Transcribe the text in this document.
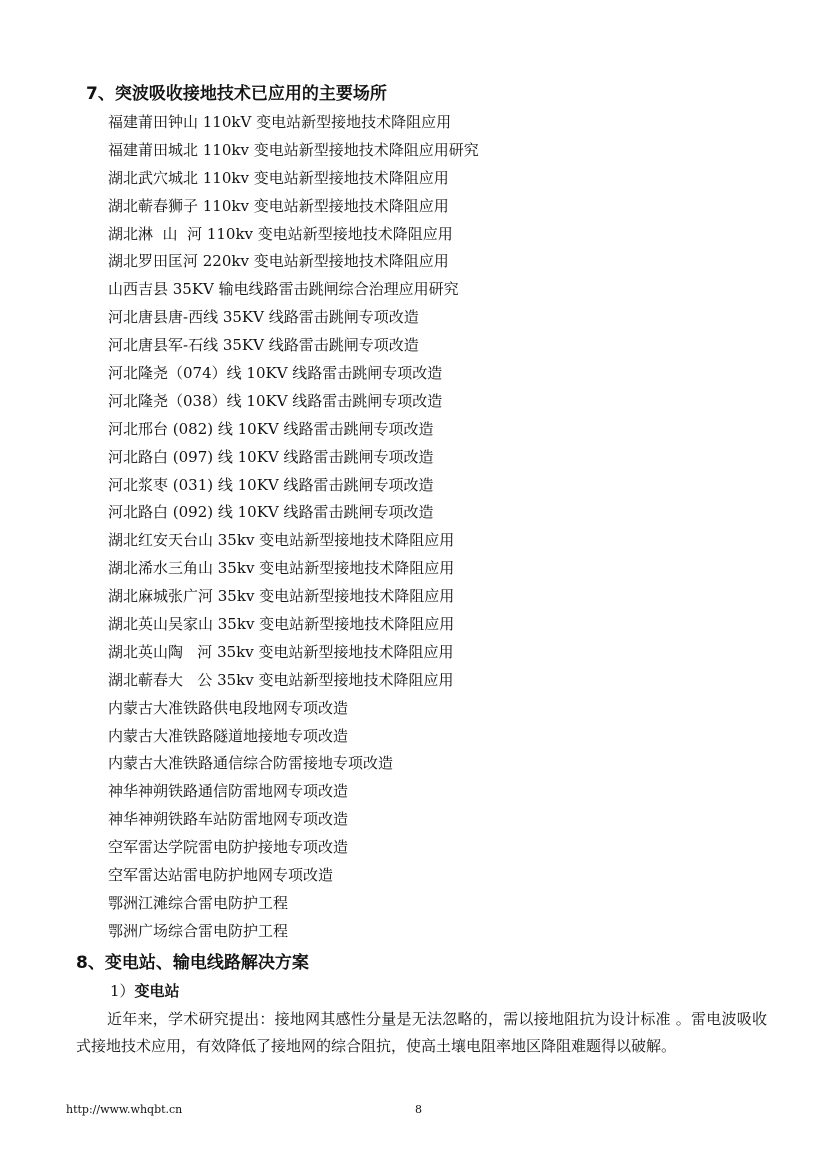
7、突波吸收接地技术已应用的主要场所
福建莆田钟山 110kV 变电站新型接地技术降阻应用
福建莆田城北 110kv 变电站新型接地技术降阻应用研究
湖北武穴城北 110kv 变电站新型接地技术降阻应用
湖北蕲春狮子 110kv 变电站新型接地技术降阻应用
湖北淋  山  河 110kv 变电站新型接地技术降阻应用
湖北罗田匡河 220kv 变电站新型接地技术降阻应用
山西吉县 35KV 输电线路雷击跳闸综合治理应用研究
河北唐县唐-西线 35KV 线路雷击跳闸专项改造
河北唐县军-石线 35KV 线路雷击跳闸专项改造
河北隆尧（074）线 10KV 线路雷击跳闸专项改造
河北隆尧（038）线 10KV 线路雷击跳闸专项改造
河北邢台 (082) 线 10KV 线路雷击跳闸专项改造
河北路白 (097) 线 10KV 线路雷击跳闸专项改造
河北浆枣 (031) 线 10KV 线路雷击跳闸专项改造
河北路白 (092) 线 10KV 线路雷击跳闸专项改造
湖北红安天台山 35kv 变电站新型接地技术降阻应用
湖北浠水三角山 35kv 变电站新型接地技术降阻应用
湖北麻城张广河 35kv 变电站新型接地技术降阻应用
湖北英山吴家山 35kv 变电站新型接地技术降阻应用
湖北英山陶   河 35kv 变电站新型接地技术降阻应用
湖北蕲春大   公 35kv 变电站新型接地技术降阻应用
内蒙古大准铁路供电段地网专项改造
内蒙古大准铁路隧道地接地专项改造
内蒙古大准铁路通信综合防雷接地专项改造
神华神朔铁路通信防雷地网专项改造
神华神朔铁路车站防雷地网专项改造
空军雷达学院雷电防护接地专项改造
空军雷达站雷电防护地网专项改造
鄂洲江滩综合雷电防护工程
鄂洲广场综合雷电防护工程
8、变电站、输电线路解决方案
1）变电站

近年来，学术研究提出：接地网其感性分量是无法忽略的，需以接地阻抗为设计标准 。雷电波吸收式接地技术应用，有效降低了接地网的综合阻抗，使高土壤电阻率地区降阻难题得以破解。

http://www.whqbt.cn	8
